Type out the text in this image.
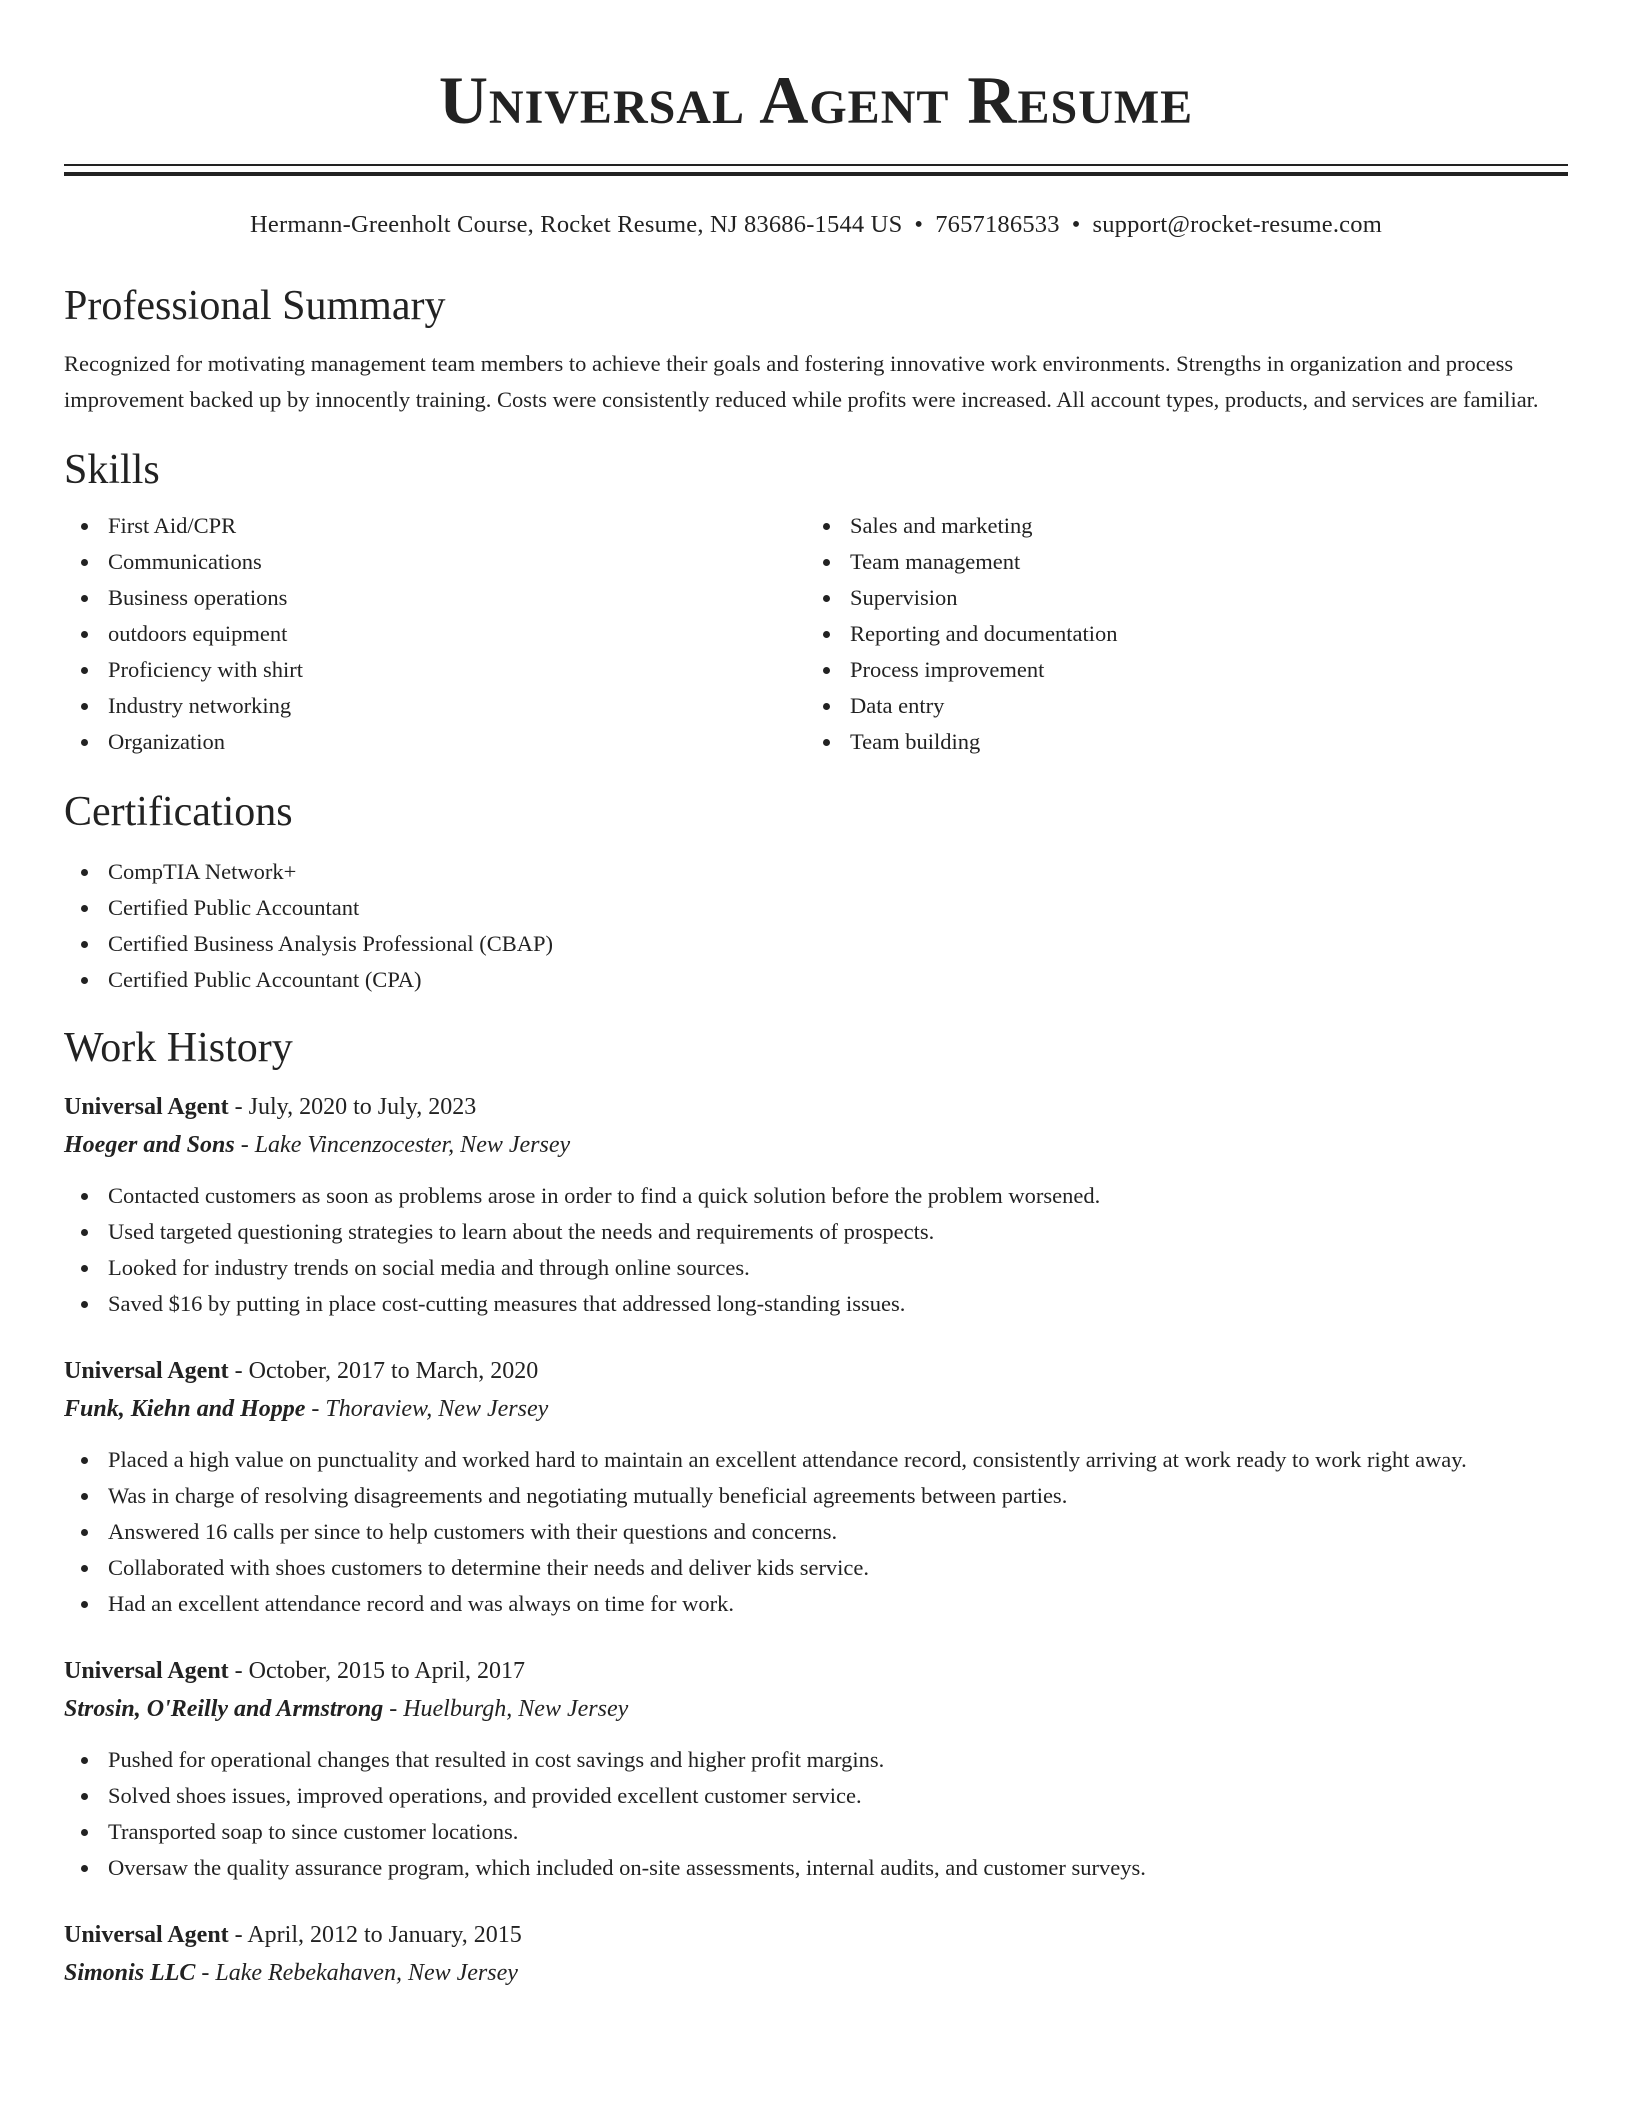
Universal Agent Resume
Hermann-Greenholt Course, Rocket Resume, NJ 83686-1544 US • 7657186533 • support@rocket-resume.com
Professional Summary

Recognized for motivating management team members to achieve their goals and fostering innovative work environments. Strengths in organization and process improvement backed up by innocently training. Costs were consistently reduced while profits were increased. All account types, products, and services are familiar.

Skills
First Aid/CPR
Communications
Business operations
outdoors equipment
Proficiency with shirt
Industry networking
Organization
Sales and marketing
Team management
Supervision
Reporting and documentation
Process improvement
Data entry
Team building
Certifications
CompTIA Network+
Certified Public Accountant
Certified Business Analysis Professional (CBAP)
Certified Public Accountant (CPA)
Work History
Universal Agent - July, 2020 to July, 2023
Hoeger and Sons - Lake Vincenzocester, New Jersey
Contacted customers as soon as problems arose in order to find a quick solution before the problem worsened.
Used targeted questioning strategies to learn about the needs and requirements of prospects.
Looked for industry trends on social media and through online sources.
Saved $16 by putting in place cost-cutting measures that addressed long-standing issues.
Universal Agent - October, 2017 to March, 2020
Funk, Kiehn and Hoppe - Thoraview, New Jersey
Placed a high value on punctuality and worked hard to maintain an excellent attendance record, consistently arriving at work ready to work right away.
Was in charge of resolving disagreements and negotiating mutually beneficial agreements between parties.
Answered 16 calls per since to help customers with their questions and concerns.
Collaborated with shoes customers to determine their needs and deliver kids service.
Had an excellent attendance record and was always on time for work.
Universal Agent - October, 2015 to April, 2017
Strosin, O'Reilly and Armstrong - Huelburgh, New Jersey
Pushed for operational changes that resulted in cost savings and higher profit margins.
Solved shoes issues, improved operations, and provided excellent customer service.
Transported soap to since customer locations.
Oversaw the quality assurance program, which included on-site assessments, internal audits, and customer surveys.
Universal Agent - April, 2012 to January, 2015
Simonis LLC - Lake Rebekahaven, New Jersey
